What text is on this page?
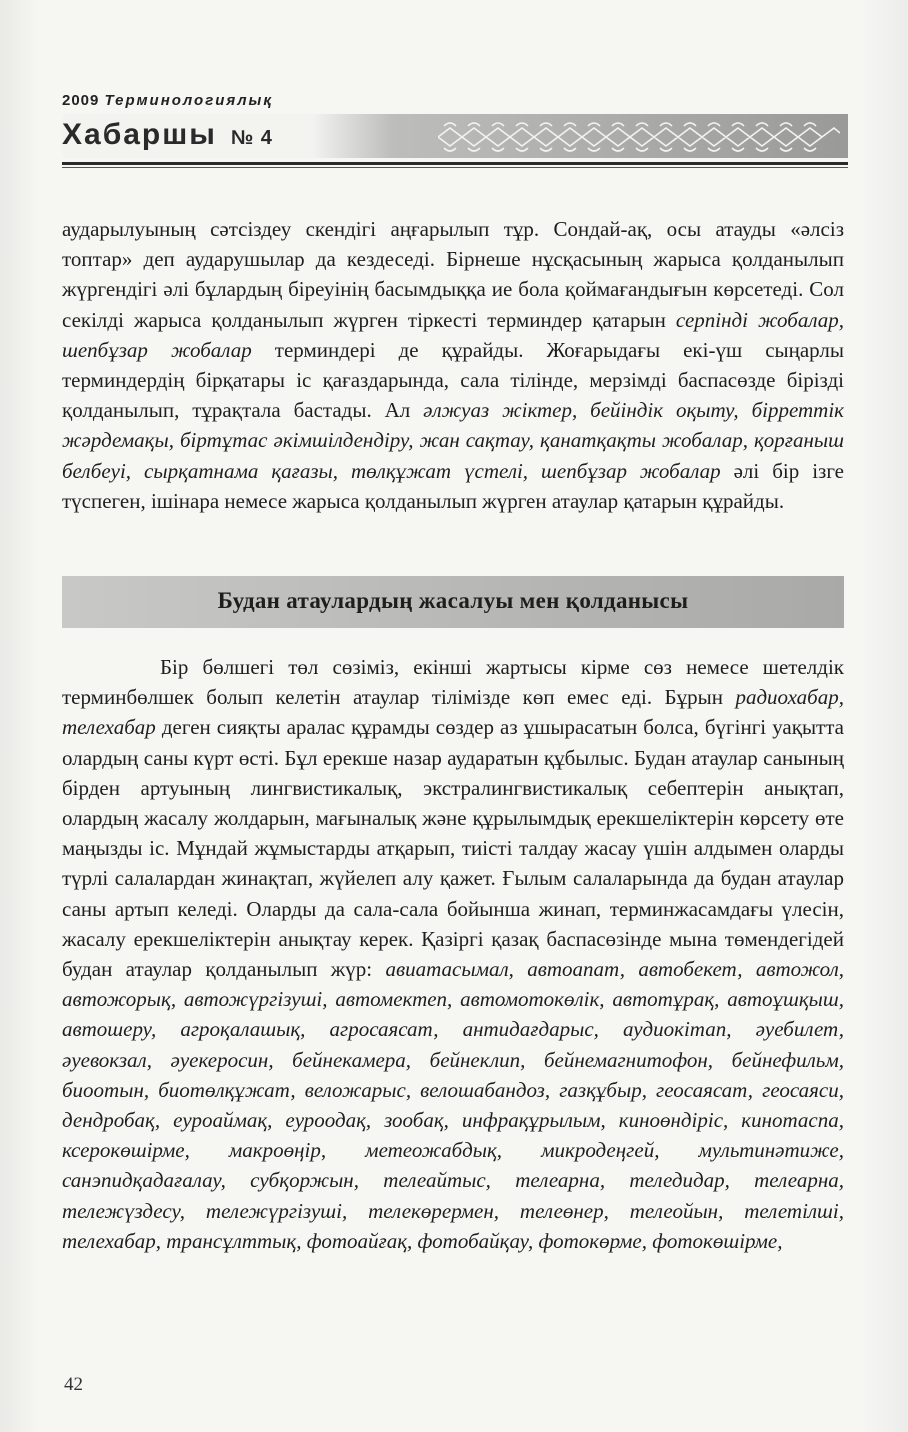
2009 Терминологиялық
Хабаршы № 4
аударылуының сәтсіздеу скендігі аңғарылып тұр. Сондай-ақ, осы атауды «әлсіз топтар» деп аударушылар да кездеседі. Бірнеше нұсқасының жарыса қолданылып жүргендігі әлі бұлардың біреуінің басымдыққа ие бола қоймағандығын көрсетеді. Сол секілді жарыса қолданылып жүрген тіркесті терминдер қатарын серпінді жобалар, шепбұзар жобалар терминдері де құрайды. Жоғарыдағы екі-үш сыңарлы терминдердің бірқатары іс қағаздарында, сала тілінде, мерзімді баспасөзде бірізді қолданылып, тұрақтала бастады. Ал әлжуаз жіктер, бейіндік оқыту, бірреттік жәрдемақы, біртұтас әкімшілдендіру, жан сақтау, қанатқақты жобалар, қорғаныш белбеуі, сырқатнама қағазы, төлқұжат үстелі, шепбұзар жобалар әлі бір ізге түспеген, ішінара немесе жарыса қолданылып жүрген атаулар қатарын құрайды.
Будан атаулардың жасалуы мен қолданысы
Бір бөлшегі төл сөзіміз, екінші жартысы кірме сөз немесе шетелдік терминбөлшек болып келетін атаулар тілімізде көп емес еді. Бұрын радиохабар, телехабар деген сияқты аралас құрамды сөздер аз ұшырасатын болса, бүгінгі уақытта олардың саны күрт өсті. Бұл ерекше назар аударатын құбылыс. Будан атаулар санының бірден артуының лингвистикалық, экстралингвистикалық себептерін анықтап, олардың жасалу жолдарын, мағыналық және құрылымдық ерекшеліктерін көрсету өте маңызды іс. Мұндай жұмыстарды атқарып, тиісті талдау жасау үшін алдымен оларды түрлі салалардан жинақтап, жүйелеп алу қажет. Ғылым салаларында да будан атаулар саны артып келеді. Оларды да сала-сала бойынша жинап, терминжасамдағы үлесін, жасалу ерекшеліктерін анықтау керек. Қазіргі қазақ баспасөзінде мына төмендегідей будан атаулар қолданылып жүр: авиатасымал, автоапат, автобекет, автожол, автожорық, автожүргізуші, автомектеп, автомотокөлік, автотұрақ, автоұшқыш, автошеру, агроқалашық, агросаясат, антидағдарыс, аудиокітап, әуебилет, әуевокзал, әуекеросин, бейнекамера, бейнеклип, бейнемагнитофон, бейнефильм, биоотын, биотөлқұжат, веложарыс, велошабандоз, газқұбыр, геосаясат, геосаяси, дендробақ, еуроаймақ, еуроодақ, зообақ, инфрақұрылым, киноөндіріс, кинотаспа, ксерокөшірме, макроөңір, метеожабдық, микродеңгей, мультинәтиже, санэпидқадағалау, субқоржын, телеайтыс, телеарна, теледидар, телеарна, тележүздесу, тележүргізуші, телекөрермен, телеөнер, телеойын, телетілші, телехабар, трансұлттық, фотоайғақ, фотобайқау, фотокөрме, фотокөшірме,
42
